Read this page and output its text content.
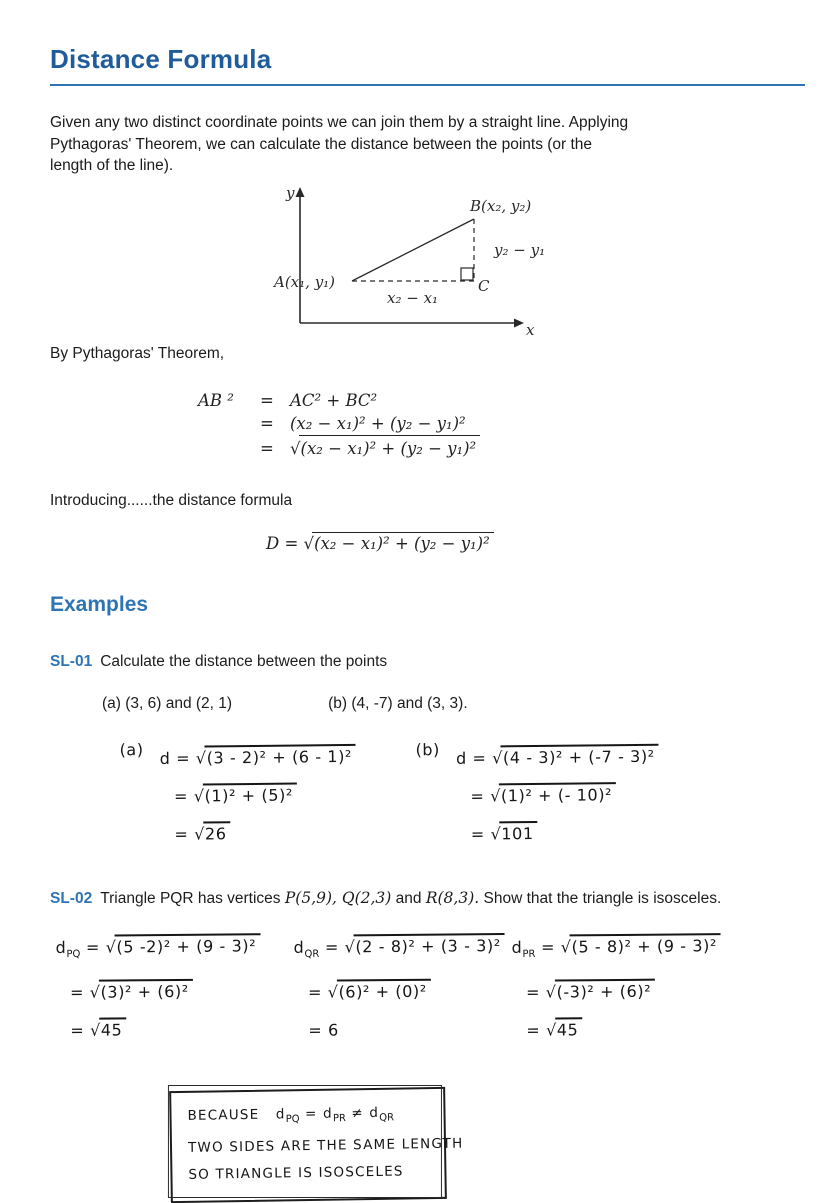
Distance Formula
Given any two distinct coordinate points we can join them by a straight line. Applying
Pythagoras' Theorem, we can calculate the distance between the points (or the
length of the line).
y
x
A(x₁, y₁)
B(x₂, y₂)
C
x₂ − x₁
y₂ − y₁
By Pythagoras' Theorem,
AB ²	= AC² + BC²
= (x₂ − x₁)² + (y₂ − y₁)²
= √ (x₂ − x₁)² + (y₂ − y₁)²
Introducing......the distance formula
D = √(x₂ − x₁)² + (y₂ − y₁)²
Examples
SL-01 Calculate the distance between the points
(a) (3, 6) and (2, 1)	(b) (4, -7) and (3, 3).
(a) d = √(3 - 2)² + (6 - 1)²
= √(1)² + (5)²
= √26
(b) d = √(4 - 3)² + (-7 - 3)²
= √(1)² + (- 10)²
= √101
SL-02 Triangle PQR has vertices P(5,9), Q(2,3) and R(8,3). Show that the triangle is isosceles.
$d_{PQ} = √(5$ -2)² + (9 - 3)²
= √(3)² + (6)²
= √45
$d_{QR} = √(2 - 8)^2 + (3 - 3)^2$
= √(6)² + (0)²
= 6
$d_{PR} = √(5 - 8)^2 + (9 - 3)^2$
= √(-3)² + (6)²
= √45
BECAUSE $d_{PQ} = d_{PR} \ne d_{QR}$
TWO SIDES ARE THE SAME LENGTH
SO TRIANGLE IS ISOSCELES
